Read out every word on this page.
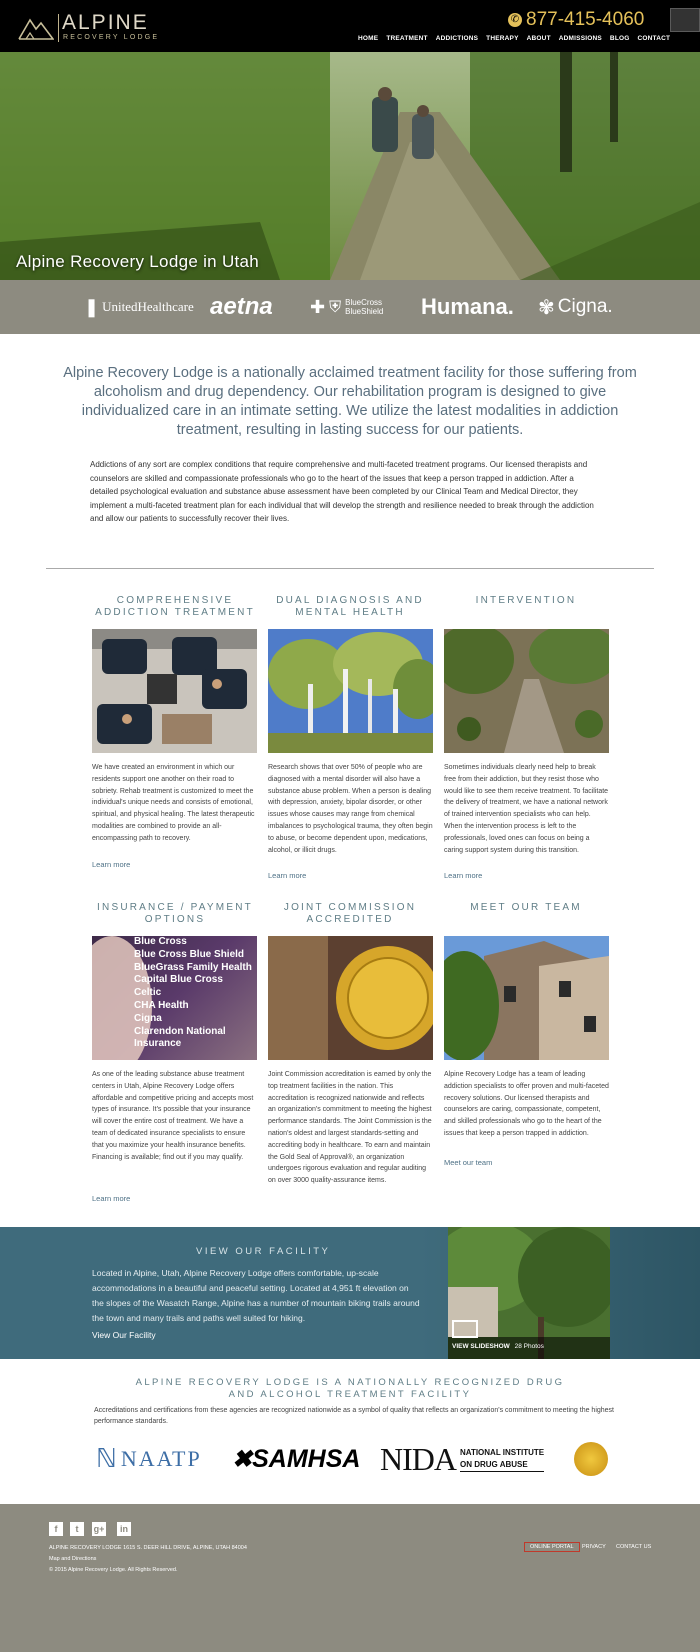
ALPINE
RECOVERY LODGE
✆ 877-415-4060
HOME TREATMENT ADDICTIONS THERAPY ABOUT ADMISSIONS BLOG CONTACT
Alpine Recovery Lodge in Utah
❚ UnitedHealthcare aetna ✚ ⛨ BlueCross
BlueShield Humana. ✾ Cigna.
Alpine Recovery Lodge is a nationally acclaimed treatment facility for those suffering from alcoholism and drug dependency. Our rehabilitation program is designed to give individualized care in an intimate setting. We utilize the latest modalities in addiction treatment, resulting in lasting success for our patients.
Addictions of any sort are complex conditions that require comprehensive and multi-faceted treatment programs. Our licensed therapists and counselors are skilled and compassionate professionals who go to the heart of the issues that keep a person trapped in addiction. After a detailed psychological evaluation and substance abuse assessment have been completed by our Clinical Team and Medical Director, they implement a multi-faceted treatment plan for each individual that will develop the strength and resilience needed to break through the addiction and allow our patients to successfully recover their lives.
COMPREHENSIVE ADDICTION TREATMENT
DUAL DIAGNOSIS AND MENTAL HEALTH
INTERVENTION
We have created an environment in which our residents support one another on their road to sobriety. Rehab treatment is customized to meet the individual's unique needs and consists of emotional, spiritual, and physical healing. The latest therapeutic modalities are combined to provide an all-encompassing path to recovery.
Research shows that over 50% of people who are diagnosed with a mental disorder will also have a substance abuse problem. When a person is dealing with depression, anxiety, bipolar disorder, or other issues whose causes may range from chemical imbalances to psychological trauma, they often begin to abuse, or become dependent upon, medications, alcohol, or illicit drugs.
Sometimes individuals clearly need help to break free from their addiction, but they resist those who would like to see them receive treatment. To facilitate the delivery of treatment, we have a national network of trained intervention specialists who can help. When the intervention process is left to the professionals, loved ones can focus on being a caring support system during this transition.
Learn more
Learn more	Learn more
INSURANCE / PAYMENT OPTIONS
JOINT COMMISSION ACCREDITED
MEET OUR TEAM
Blue Cross
Blue Cross Blue Shield
BlueGrass Family Health
Capital Blue Cross
Celtic
CHA Health
Cigna
Clarendon National
Insurance
As one of the leading substance abuse treatment centers in Utah, Alpine Recovery Lodge offers affordable and competitive pricing and accepts most types of insurance. It's possible that your insurance will cover the entire cost of treatment. We have a team of dedicated insurance specialists to ensure that you maximize your health insurance benefits. Financing is available; find out if you may qualify.
Joint Commission accreditation is earned by only the top treatment facilities in the nation. This accreditation is recognized nationwide and reflects an organization's commitment to meeting the highest performance standards. The Joint Commission is the nation's oldest and largest standards-setting and accrediting body in healthcare. To earn and maintain the Gold Seal of Approval®, an organization undergoes rigorous evaluation and regular auditing on over 3000 quality-assurance items.
Alpine Recovery Lodge has a team of leading addiction specialists to offer proven and multi-faceted recovery solutions. Our licensed therapists and counselors are caring, compassionate, competent, and skilled professionals who go to the heart of the issues that keep a person trapped in addiction.
Learn more
Meet our team
VIEW OUR FACILITY
Located in Alpine, Utah, Alpine Recovery Lodge offers comfortable, up-scale accommodations in a beautiful and peaceful setting. Located at 4,951 ft elevation on the slopes of the Wasatch Range, Alpine has a number of mountain biking trails around the town and many trails and paths well suited for hiking.
View Our Facility
VIEW SLIDESHOW 28 Photos
ALPINE RECOVERY LODGE IS A NATIONALLY RECOGNIZED DRUG AND ALCOHOL TREATMENT FACILITY
Accreditations and certifications from these agencies are recognized nationwide as a symbol of quality that reflects an organization's commitment to meeting the highest performance standards.
ℕ NAATP ✖ SAMHSA NIDA NATIONAL INSTITUTE
ON DRUG ABUSE
f	t	g+	in
ALPINE RECOVERY LODGE 1615 S. DEER HILL DRIVE, ALPINE, UTAH 84004
Map and Directions
© 2015 Alpine Recovery Lodge. All Rights Reserved.
ONLINE PORTAL	PRIVACY CONTACT US
